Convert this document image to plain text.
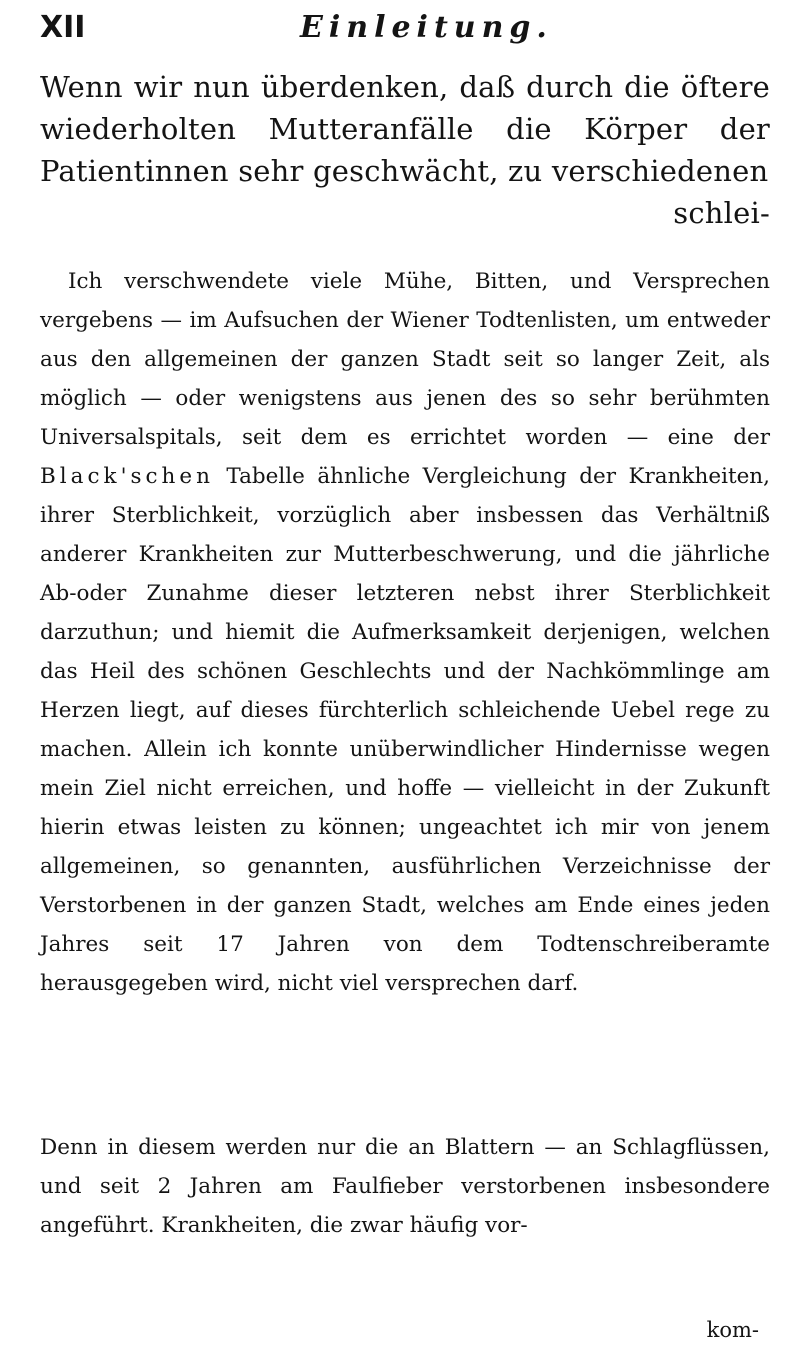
XII	Einleitung.

Wenn wir nun überdenken, daß durch die öftere wiederholten Mutteranfälle die Körper der Patientinnen sehr geschwächt, zu verschiedenen
schlei-

Ich verschwendete viele Mühe, Bitten, und Versprechen vergebens — im Aufsuchen der Wiener Todtenlisten, um entweder aus den allgemeinen der ganzen Stadt seit so langer Zeit, als möglich — oder wenigstens aus jenen des so sehr berühmten Universalspitals, seit dem es errichtet worden — eine der Black'schen Tabelle ähnliche Vergleichung der Krankheiten, ihrer Sterblichkeit, vorzüglich aber insbessen das Verhältniß anderer Krankheiten zur Mutterbeschwerung, und die jährliche Ab-oder Zunahme dieser letzteren nebst ihrer Sterblichkeit darzuthun; und hiemit die Aufmerksamkeit derjenigen, welchen das Heil des schönen Geschlechts und der Nachkömmlinge am Herzen liegt, auf dieses fürchterlich schleichende Uebel rege zu machen. Allein ich konnte unüberwindlicher Hindernisse wegen mein Ziel nicht erreichen, und hoffe — vielleicht in der Zukunft hierin etwas leisten zu können; ungeachtet ich mir von jenem allgemeinen, so genannten, ausführlichen Verzeichnisse der Verstorbenen in der ganzen Stadt, welches am Ende eines jeden Jahres seit 17 Jahren von dem Todtenschreiberamte herausgegeben wird, nicht viel versprechen darf.

Denn in diesem werden nur die an Blattern — an Schlagflüssen, und seit 2 Jahren am Faulfieber verstorbenen insbesondere angeführt. Krankheiten, die zwar häufig vor-

kom-
